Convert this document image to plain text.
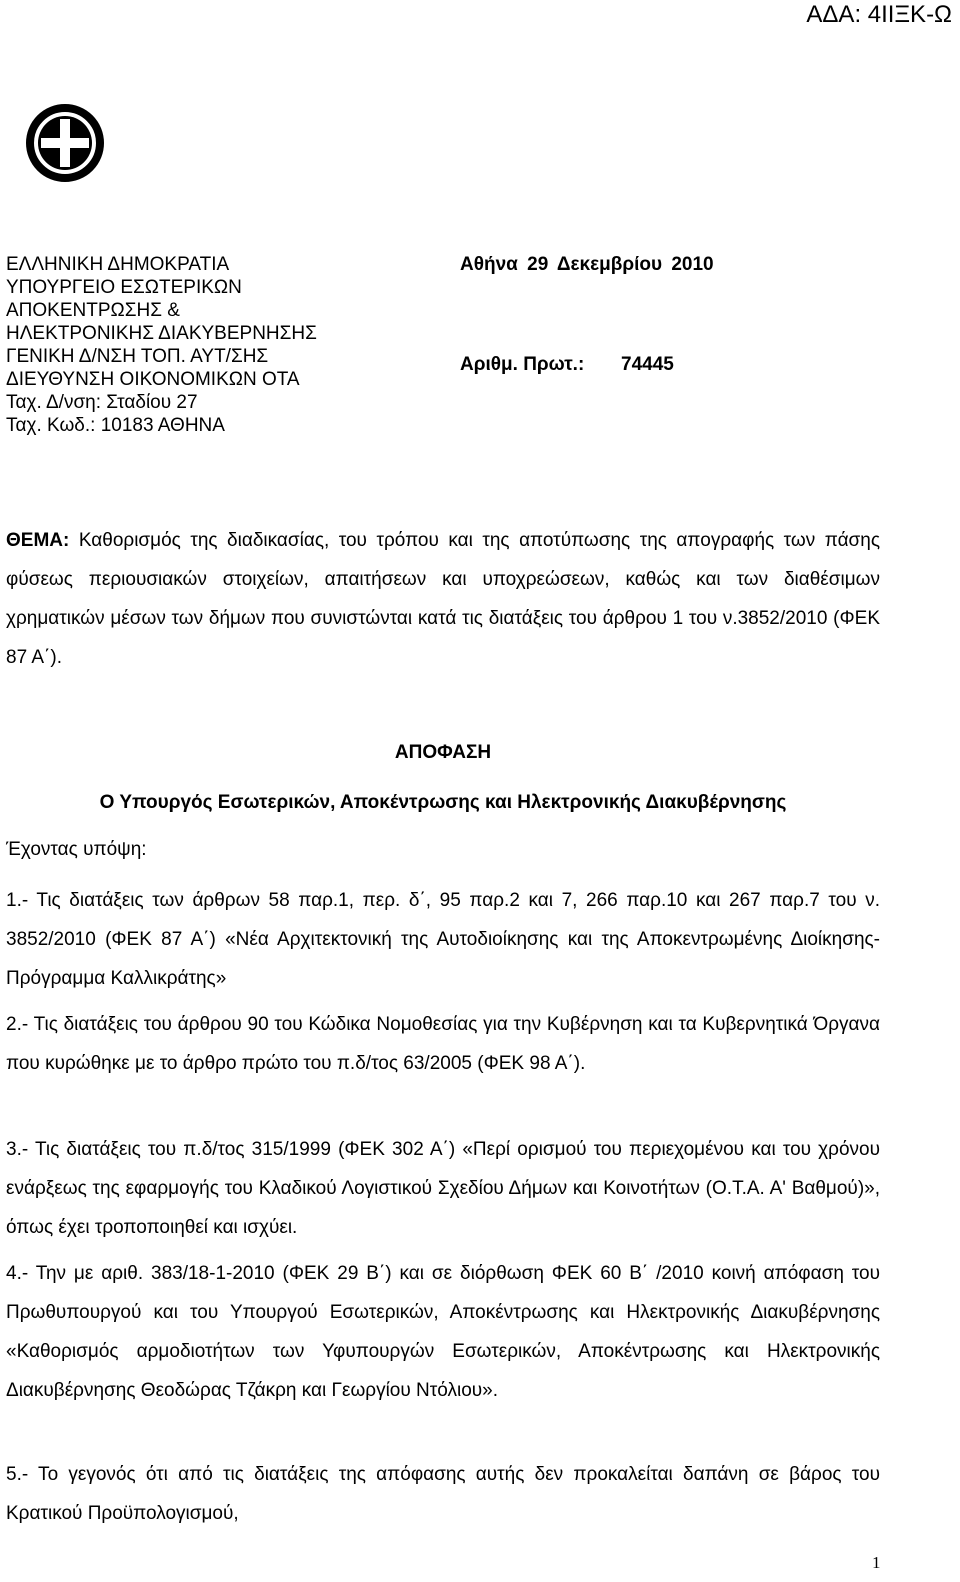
ΑΔΑ: 4ΙΙΞΚ-Ω
ΕΛΛΗΝΙΚΗ ΔΗΜΟΚΡΑΤΙΑ
ΥΠΟΥΡΓΕΙΟ ΕΣΩΤΕΡΙΚΩΝ
ΑΠΟΚΕΝΤΡΩΣΗΣ &
ΗΛΕΚΤΡΟΝΙΚΗΣ ΔΙΑΚΥΒΕΡΝΗΣΗΣ
ΓΕΝΙΚΗ Δ/ΝΣΗ ΤΟΠ. ΑΥΤ/ΣΗΣ
ΔΙΕΥΘΥΝΣΗ ΟΙΚΟΝΟΜΙΚΩΝ ΟΤΑ
Ταχ. Δ/νση: Σταδίου 27
Ταχ. Κωδ.: 10183 ΑΘΗΝΑ
Αθήνα 29 Δεκεμβρίου 2010
Αριθμ. Πρωτ.: 74445
ΘΕΜΑ: Καθορισμός της διαδικασίας, του τρόπου και της αποτύπωσης της απογραφής των πάσης φύσεως περιουσιακών στοιχείων, απαιτήσεων και υποχρεώσεων, καθώς και των διαθέσιμων χρηματικών μέσων των δήμων που συνιστώνται κατά τις διατάξεις του άρθρου 1 του ν.3852/2010 (ΦΕΚ 87 Α΄).
ΑΠΟΦΑΣΗ
Ο Υπουργός Εσωτερικών, Αποκέντρωσης και Ηλεκτρονικής Διακυβέρνησης
Έχοντας υπόψη:
1.- Τις διατάξεις των άρθρων 58 παρ.1, περ. δ΄, 95 παρ.2 και 7, 266 παρ.10 και 267 παρ.7 του ν. 3852/2010 (ΦΕΚ 87 Α΄) «Νέα Αρχιτεκτονική της Αυτοδιοίκησης και της Αποκεντρωμένης Διοίκησης-Πρόγραμμα Καλλικράτης»
2.- Τις διατάξεις του άρθρου 90 του Κώδικα Νομοθεσίας για την Κυβέρνηση και τα Κυβερνητικά Όργανα που κυρώθηκε με το άρθρο πρώτο του π.δ/τος 63/2005 (ΦΕΚ 98 Α΄).
3.- Τις διατάξεις του π.δ/τος 315/1999 (ΦΕΚ 302 Α΄) «Περί ορισμού του περιεχομένου και του χρόνου ενάρξεως της εφαρμογής του Κλαδικού Λογιστικού Σχεδίου Δήμων και Κοινοτήτων (Ο.Τ.Α. Α' Βαθμού)», όπως έχει τροποποιηθεί και ισχύει.
4.- Την με αριθ. 383/18-1-2010 (ΦΕΚ 29 Β΄) και σε διόρθωση ΦΕΚ 60 Β΄ /2010 κοινή απόφαση του Πρωθυπουργού και του Υπουργού Εσωτερικών, Αποκέντρωσης και Ηλεκτρονικής Διακυβέρνησης «Καθορισμός αρμοδιοτήτων των Υφυπουργών Εσωτερικών, Αποκέντρωσης και Ηλεκτρονικής Διακυβέρνησης Θεοδώρας Τζάκρη και Γεωργίου Ντόλιου».
5.- Το γεγονός ότι από τις διατάξεις της απόφασης αυτής δεν προκαλείται δαπάνη σε βάρος του Κρατικού Προϋπολογισμού,
1
